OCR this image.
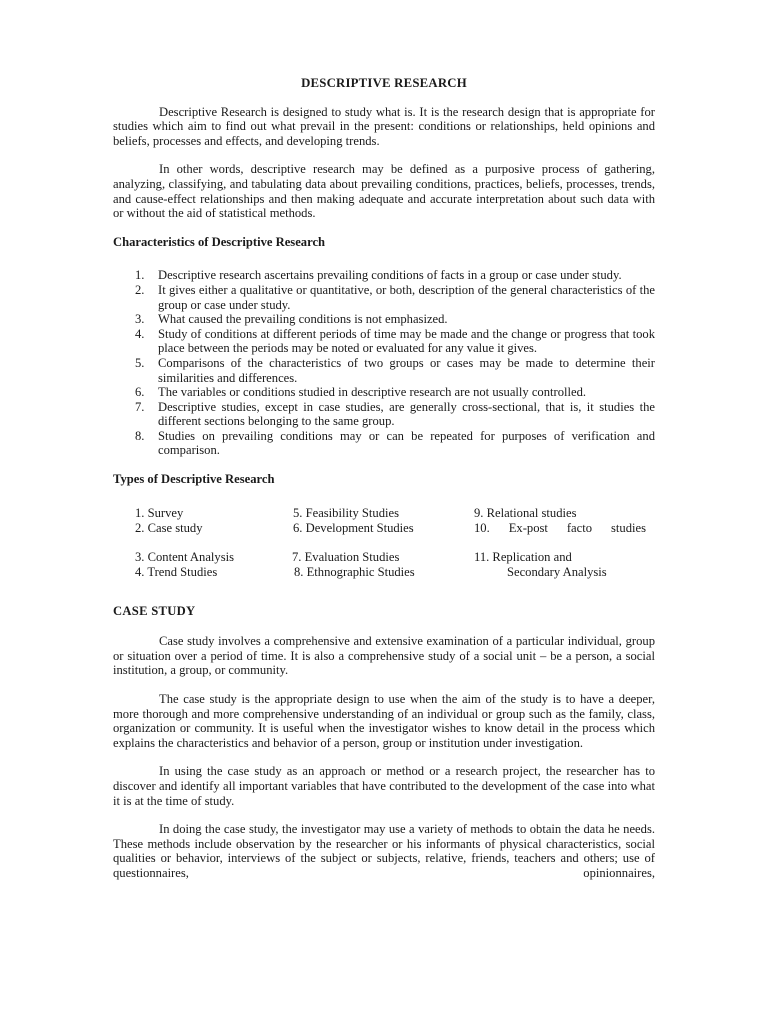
DESCRIPTIVE RESEARCH

Descriptive Research is designed to study what is. It is the research design that is appropriate for studies which aim to find out what prevail in the present: conditions or relationships, held opinions and beliefs, processes and effects, and developing trends.

In other words, descriptive research may be defined as a purposive process of gathering, analyzing, classifying, and tabulating data about prevailing conditions, practices, beliefs, processes, trends, and cause-effect relationships and then making adequate and accurate interpretation about such data with or without the aid of statistical methods.

Characteristics of Descriptive Research
1. Descriptive research ascertains prevailing conditions of facts in a group or case under study.
2. It gives either a qualitative or quantitative, or both, description of the general characteristics of the group or case under study.
3. What caused the prevailing conditions is not emphasized.
4. Study of conditions at different periods of time may be made and the change or progress that took place between the periods may be noted or evaluated for any value it gives.
5. Comparisons of the characteristics of two groups or cases may be made to determine their similarities and differences.
6. The variables or conditions studied in descriptive research are not usually controlled.
7. Descriptive studies, except in case studies, are generally cross-sectional, that is, it studies the different sections belonging to the same group.
8. Studies on prevailing conditions may or can be repeated for purposes of verification and comparison.
Types of Descriptive Research
1. Survey
2. Case study
3. Content Analysis
4. Trend Studies
5. Feasibility Studies
6. Development Studies
7. Evaluation Studies
8. Ethnographic Studies
9. Relational studies
10. Ex-post facto studies
11. Replication and
Secondary Analysis
CASE STUDY

Case study involves a comprehensive and extensive examination of a particular individual, group or situation over a period of time. It is also a comprehensive study of a social unit – be a person, a social institution, a group, or community.

The case study is the appropriate design to use when the aim of the study is to have a deeper, more thorough and more comprehensive understanding of an individual or group such as the family, class, organization or community. It is useful when the investigator wishes to know detail in the process which explains the characteristics and behavior of a person, group or institution under investigation.

In using the case study as an approach or method or a research project, the researcher has to discover and identify all important variables that have contributed to the development of the case into what it is at the time of study.

In doing the case study, the investigator may use a variety of methods to obtain the data he needs. These methods include observation by the researcher or his informants of physical characteristics, social qualities or behavior, interviews of the subject or subjects, relative, friends, teachers and others; use of questionnaires, opinionnaires,
